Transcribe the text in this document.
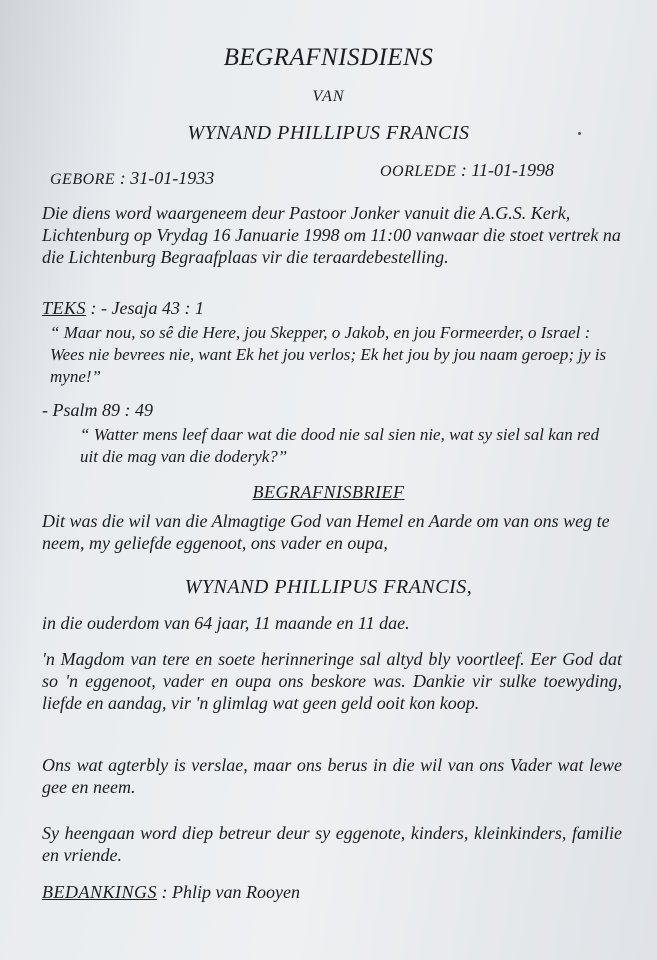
BEGRAFNISDIENS
VAN
WYNAND PHILLIPUS FRANCIS
GEBORE : 31-01-1933	OORLEDE : 11-01-1998

Die diens word waargeneem deur Pastoor Jonker vanuit die A.G.S. Kerk, Lichtenburg op Vrydag 16 Januarie 1998 om 11:00 vanwaar die stoet vertrek na die Lichtenburg Begraafplaas vir die teraardebestelling.

TEKS : - Jesaja 43 : 1

“ Maar nou, so sê die Here, jou Skepper, o Jakob, en jou Formeerder, o Israel : Wees nie bevrees nie, want Ek het jou verlos; Ek het jou by jou naam geroep; jy is myne!”

- Psalm 89 : 49

“ Watter mens leef daar wat die dood nie sal sien nie, wat sy siel sal kan red uit die mag van die doderyk?”

BEGRAFNISBRIEF

Dit was die wil van die Almagtige God van Hemel en Aarde om van ons weg te neem, my geliefde eggenoot, ons vader en oupa,

WYNAND PHILLIPUS FRANCIS,

in die ouderdom van 64 jaar, 11 maande en 11 dae.

'n Magdom van tere en soete herinneringe sal altyd bly voortleef. Eer God dat so 'n eggenoot, vader en oupa ons beskore was. Dankie vir sulke toewyding, liefde en aandag, vir 'n glimlag wat geen geld ooit kon koop.

Ons wat agterbly is verslae, maar ons berus in die wil van ons Vader wat lewe gee en neem.

Sy heengaan word diep betreur deur sy eggenote, kinders, kleinkinders, familie en vriende.

BEDANKINGS : Phlip van Rooyen
